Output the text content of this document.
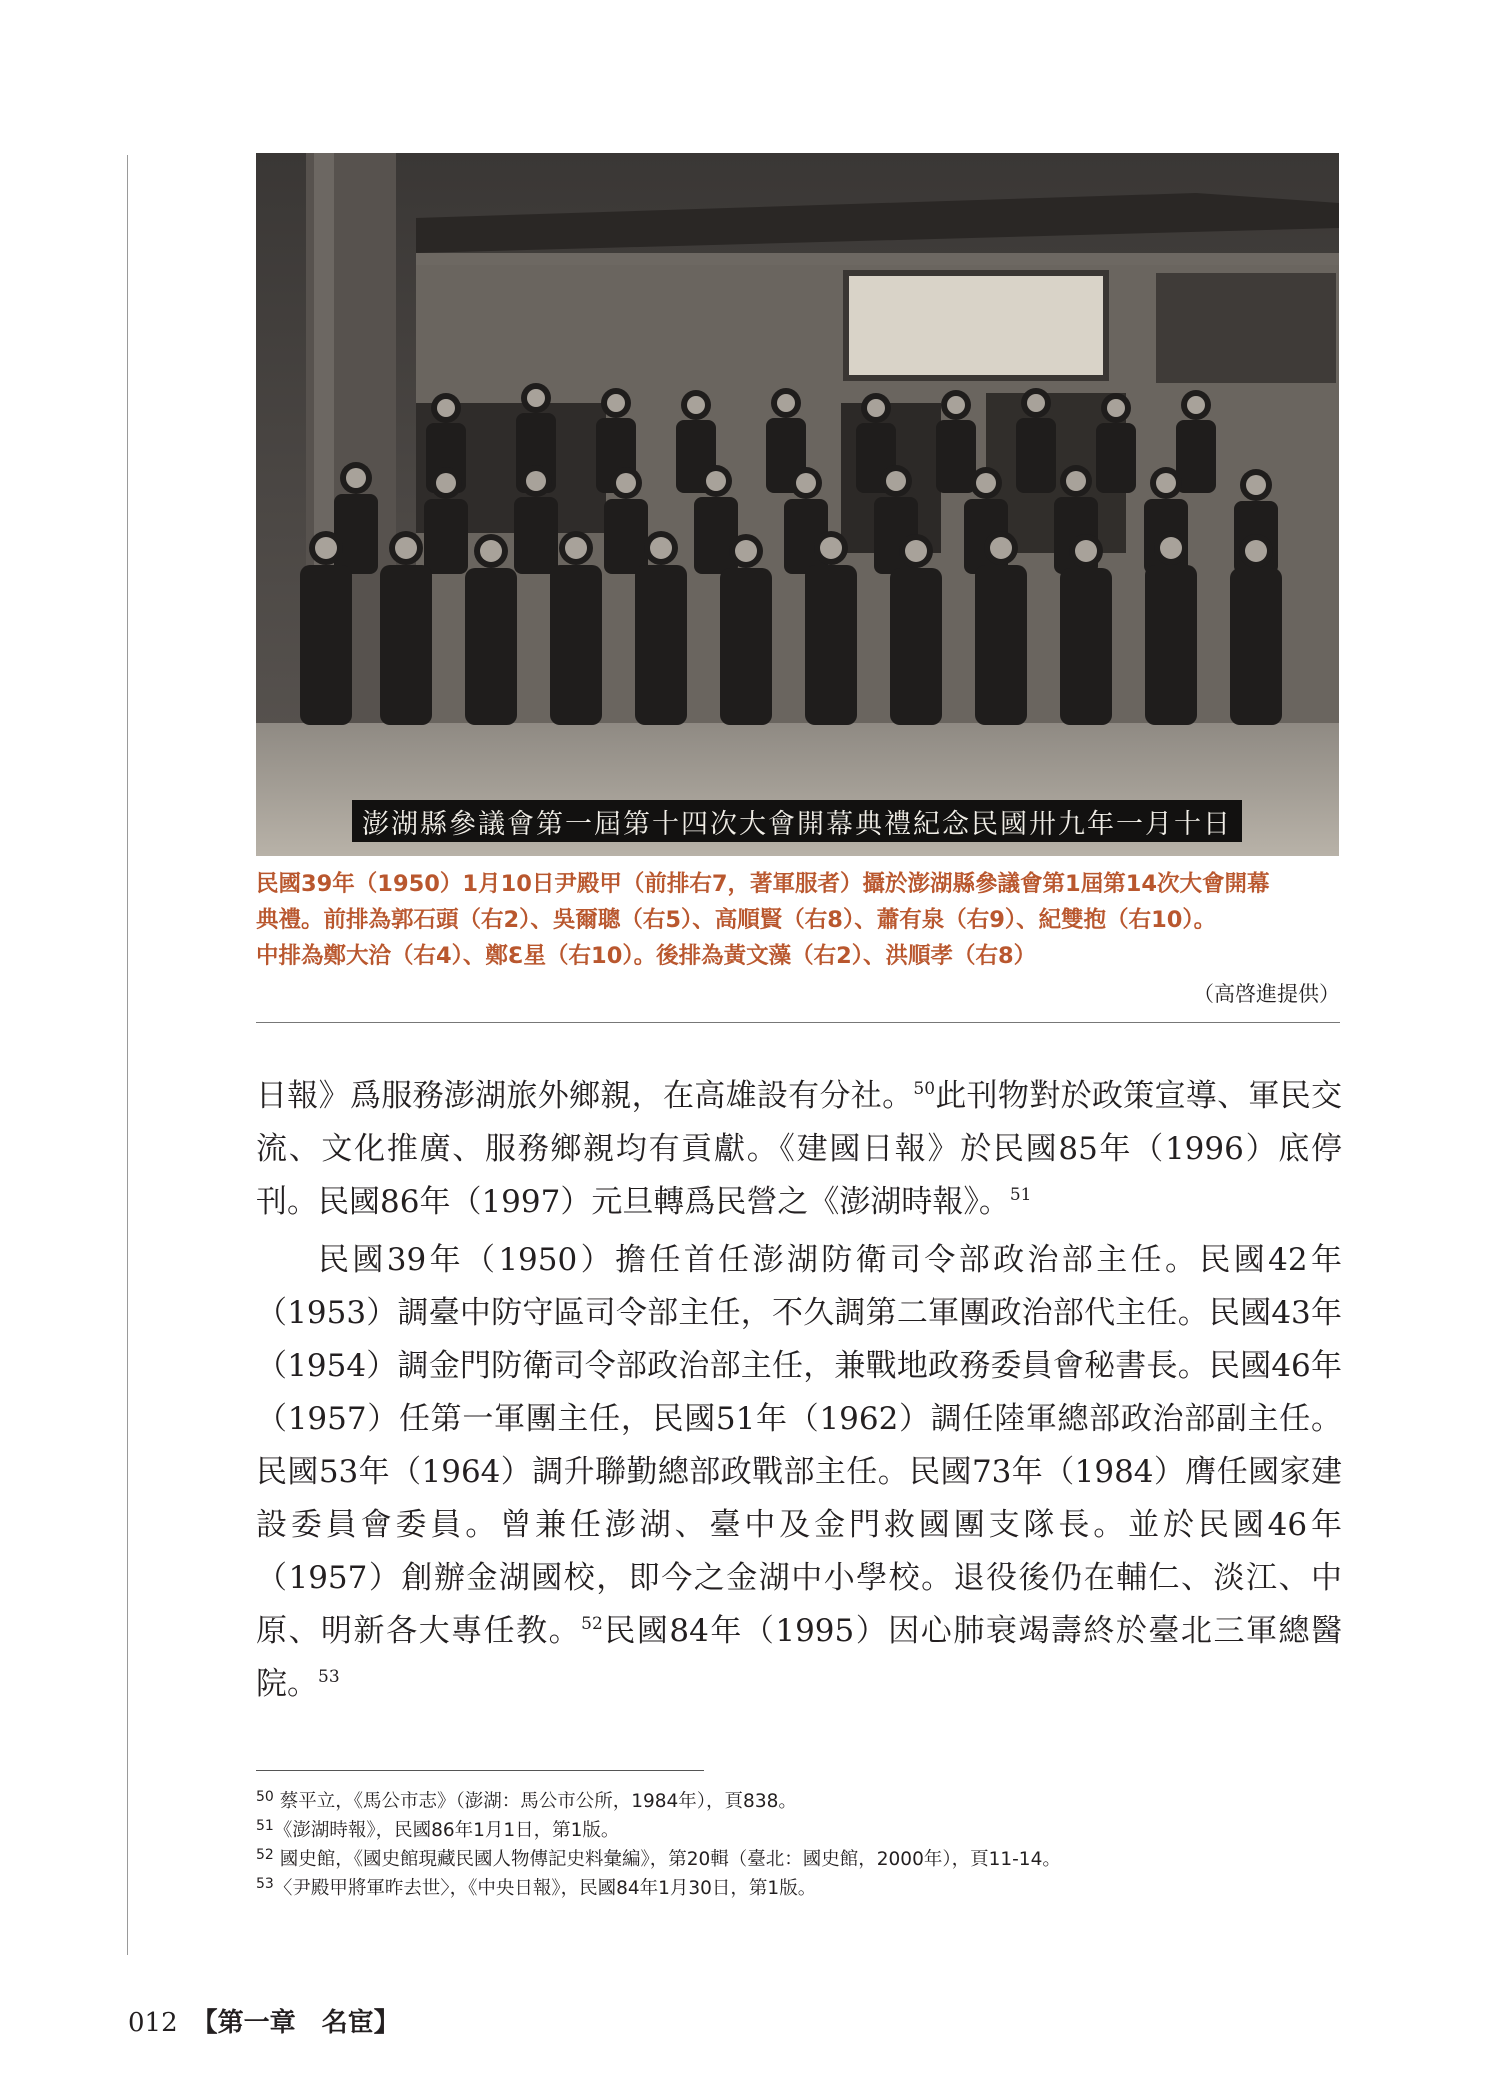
澎湖縣參議會第一屆第十四次大會開幕典禮紀念民國卅九年一月十日
民國39年（1950）1月10日尹殿甲（前排右7，著軍服者）攝於澎湖縣參議會第1屆第14次大會開幕
典禮。前排為郭石頭（右2）、吳爾聰（右5）、高順賢（右8）、蕭有泉（右9）、紀雙抱（右10）。
中排為鄭大洽（右4）、鄭Ԑ星（右10）。後排為黃文藻（右2）、洪順孝（右8）
（高啓進提供）

日報》爲服務澎湖旅外鄉親，在高雄設有分社。$^{50}$此刊物對於政策宣導、軍民交流、文化推廣、服務鄉親均有貢獻。《建國日報》於民國85年（1996）底停刊。民國86年（1997）元旦轉爲民營之《澎湖時報》。$^{51}$

民國39年（1950）擔任首任澎湖防衛司令部政治部主任。民國42年（1953）調臺中防守區司令部主任，不久調第二軍團政治部代主任。民國43年（1954）調金門防衛司令部政治部主任，兼戰地政務委員會秘書長。民國46年（1957）任第一軍團主任，民國51年（1962）調任陸軍總部政治部副主任。民國53年（1964）調升聯勤總部政戰部主任。民國73年（1984）膺任國家建設委員會委員。曾兼任澎湖、臺中及金門救國團支隊長。並於民國46年（1957）創辦金湖國校，即今之金湖中小學校。退役後仍在輔仁、淡江、中原、明新各大專任教。$^{52}$民國84年（1995）因心肺衰竭壽終於臺北三軍總醫院。$^{53}$

$^{50}$ 蔡平立，《馬公市志》（澎湖：馬公市公所，1984年），頁838。
$^{51}$《澎湖時報》，民國86年1月1日，第1版。
$^{52}$ 國史館，《國史館現藏民國人物傳記史料彙編》，第20輯（臺北：國史館，2000年），頁11-14。
$^{53}$〈尹殿甲將軍昨去世〉，《中央日報》，民國84年1月30日，第1版。
012 【第一章　名宦】
